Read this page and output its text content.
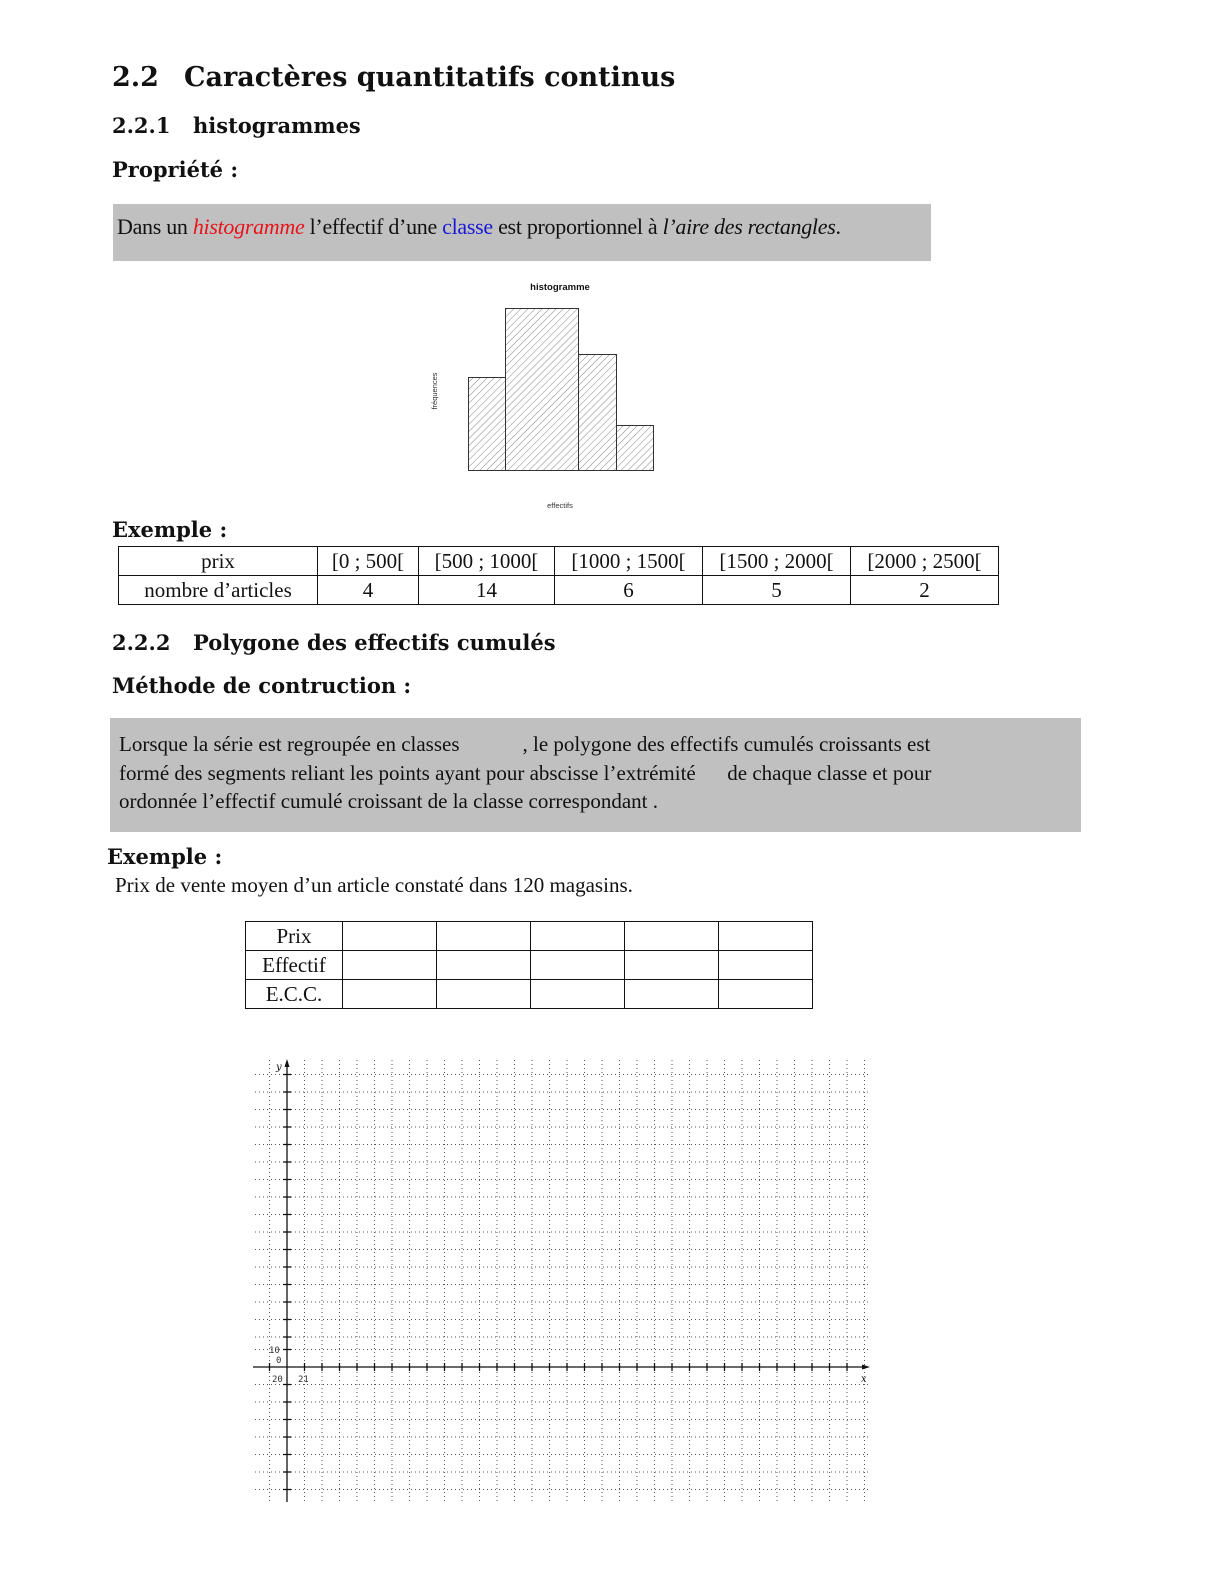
2.2 Caractères quantitatifs continus
2.2.1 histogrammes
Propriété :
Dans un histogramme l’effectif d’une classe est proportionnel à l’aire des rectangles.
histogramme
fréquences
effectifs
Exemple :
prix	[0 ; 500[	[500 ; 1000[	[1000 ; 1500[	[1500 ; 2000[	[2000 ; 2500[
nombre d’articles	4	14	6	5	2
2.2.2 Polygone des effectifs cumulés
Méthode de contruction :
Lorsque la série est regroupée en classes            , le polygone des effectifs cumulés croissants est
formé des segments reliant les points ayant pour abscisse l’extrémité      de chaque classe et pour
ordonnée l’effectif cumulé croissant de la classe correspondant .
Exemple :
Prix de vente moyen d’un article constaté dans 120 magasins.
Prix					
Effectif					
E.C.C.					
y
x
10
0
20 21
